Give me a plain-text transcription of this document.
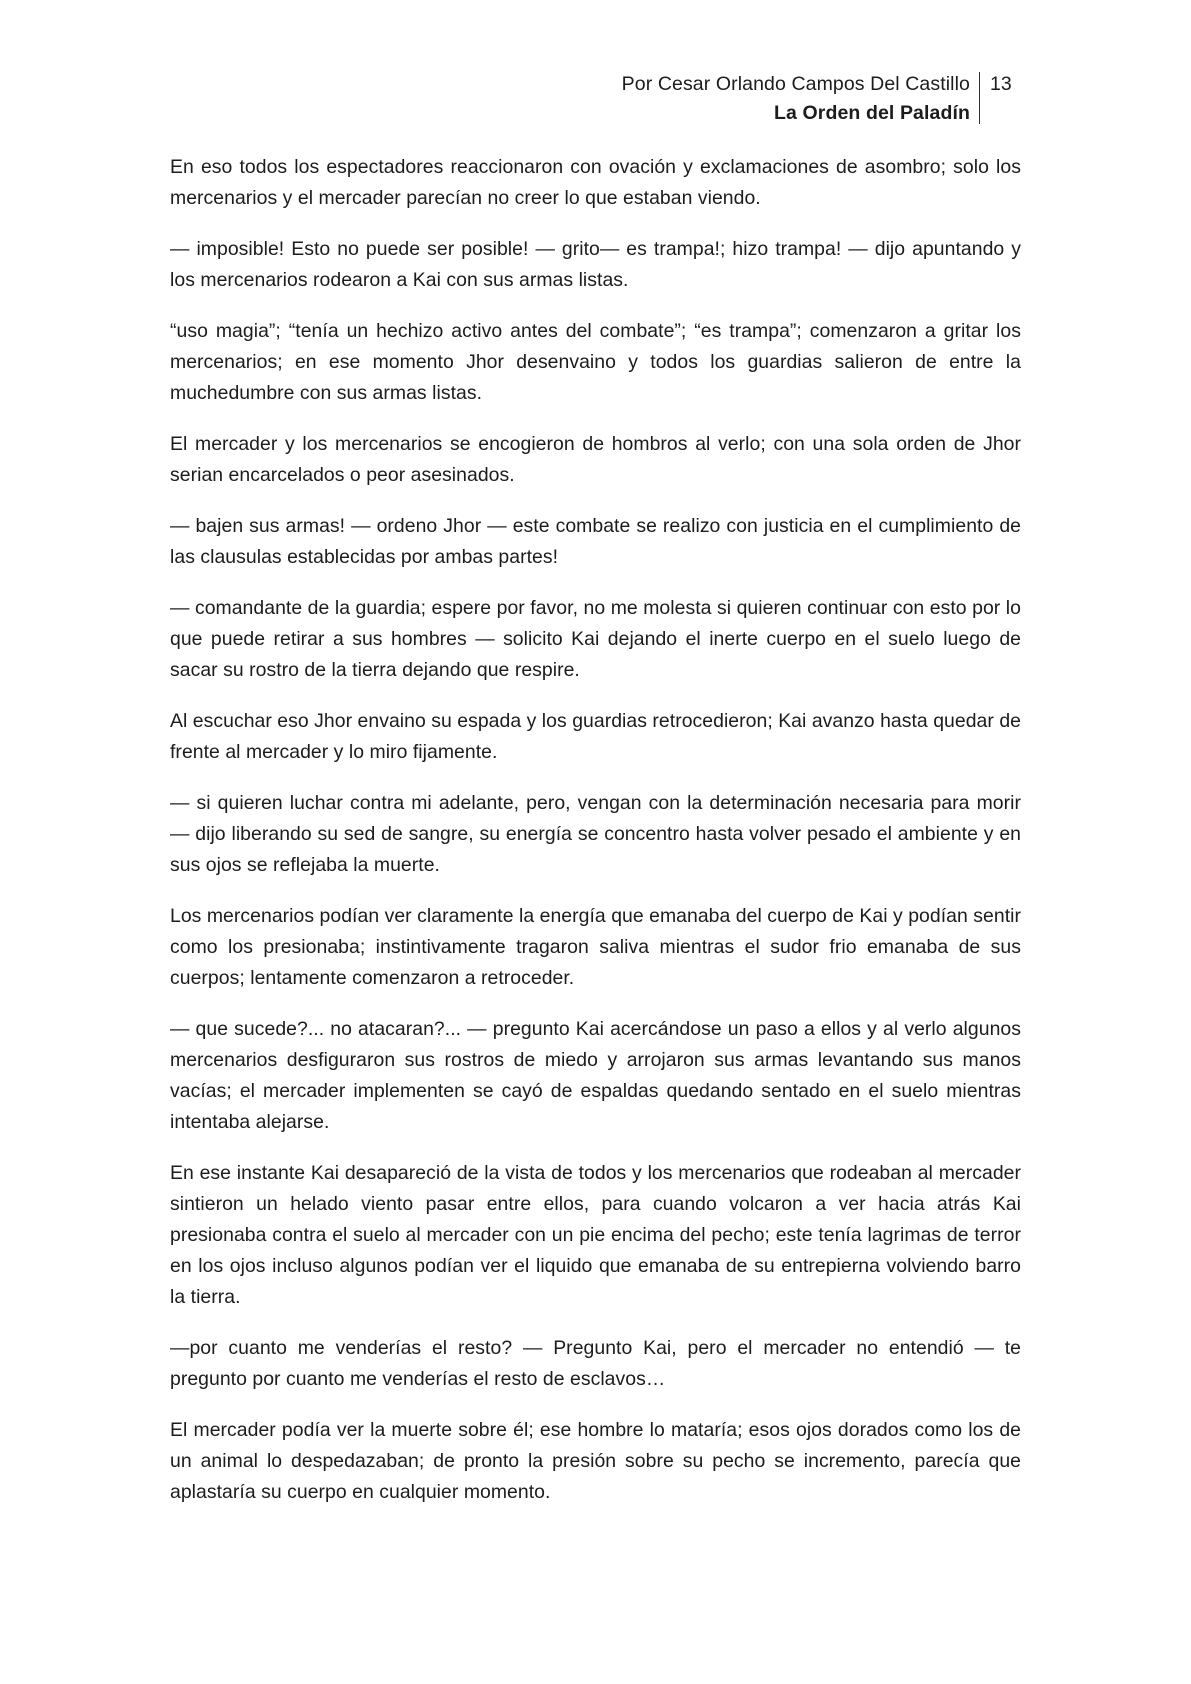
Por Cesar Orlando Campos Del Castillo
La Orden del Paladín
13

En eso todos los espectadores reaccionaron con ovación y exclamaciones de asombro; solo los mercenarios y el mercader parecían no creer lo que estaban viendo.

— imposible! Esto no puede ser posible! — grito— es trampa!; hizo trampa! — dijo apuntando y los mercenarios rodearon a Kai con sus armas listas.

“uso magia”; “tenía un hechizo activo antes del combate”; “es trampa”; comenzaron a gritar los mercenarios; en ese momento Jhor desenvaino y todos los guardias salieron de entre la muchedumbre con sus armas listas.

El mercader y los mercenarios se encogieron de hombros al verlo; con una sola orden de Jhor serian encarcelados o peor asesinados.

— bajen sus armas! — ordeno Jhor — este combate se realizo con justicia en el cumplimiento de las clausulas establecidas por ambas partes!

— comandante de la guardia; espere por favor, no me molesta si quieren continuar con esto por lo que puede retirar a sus hombres — solicito Kai dejando el inerte cuerpo en el suelo luego de sacar su rostro de la tierra dejando que respire.

Al escuchar eso Jhor envaino su espada y los guardias retrocedieron; Kai avanzo hasta quedar de frente al mercader y lo miro fijamente.

— si quieren luchar contra mi adelante, pero, vengan con la determinación necesaria para morir — dijo liberando su sed de sangre, su energía se concentro hasta volver pesado el ambiente y en sus ojos se reflejaba la muerte.

Los mercenarios podían ver claramente la energía que emanaba del cuerpo de Kai y podían sentir como los presionaba; instintivamente tragaron saliva mientras el sudor frio emanaba de sus cuerpos; lentamente comenzaron a retroceder.

— que sucede?... no atacaran?... — pregunto Kai acercándose un paso a ellos y al verlo algunos mercenarios desfiguraron sus rostros de miedo y arrojaron sus armas levantando sus manos vacías; el mercader implementen se cayó de espaldas quedando sentado en el suelo mientras intentaba alejarse.

En ese instante Kai desapareció de la vista de todos y los mercenarios que rodeaban al mercader sintieron un helado viento pasar entre ellos, para cuando volcaron a ver hacia atrás Kai presionaba contra el suelo al mercader con un pie encima del pecho; este tenía lagrimas de terror en los ojos incluso algunos podían ver el liquido que emanaba de su entrepierna volviendo barro la tierra.

—por cuanto me venderías el resto? — Pregunto Kai, pero el mercader no entendió — te pregunto por cuanto me venderías el resto de esclavos…

El mercader podía ver la muerte sobre él; ese hombre lo mataría; esos ojos dorados como los de un animal lo despedazaban; de pronto la presión sobre su pecho se incremento, parecía que aplastaría su cuerpo en cualquier momento.
